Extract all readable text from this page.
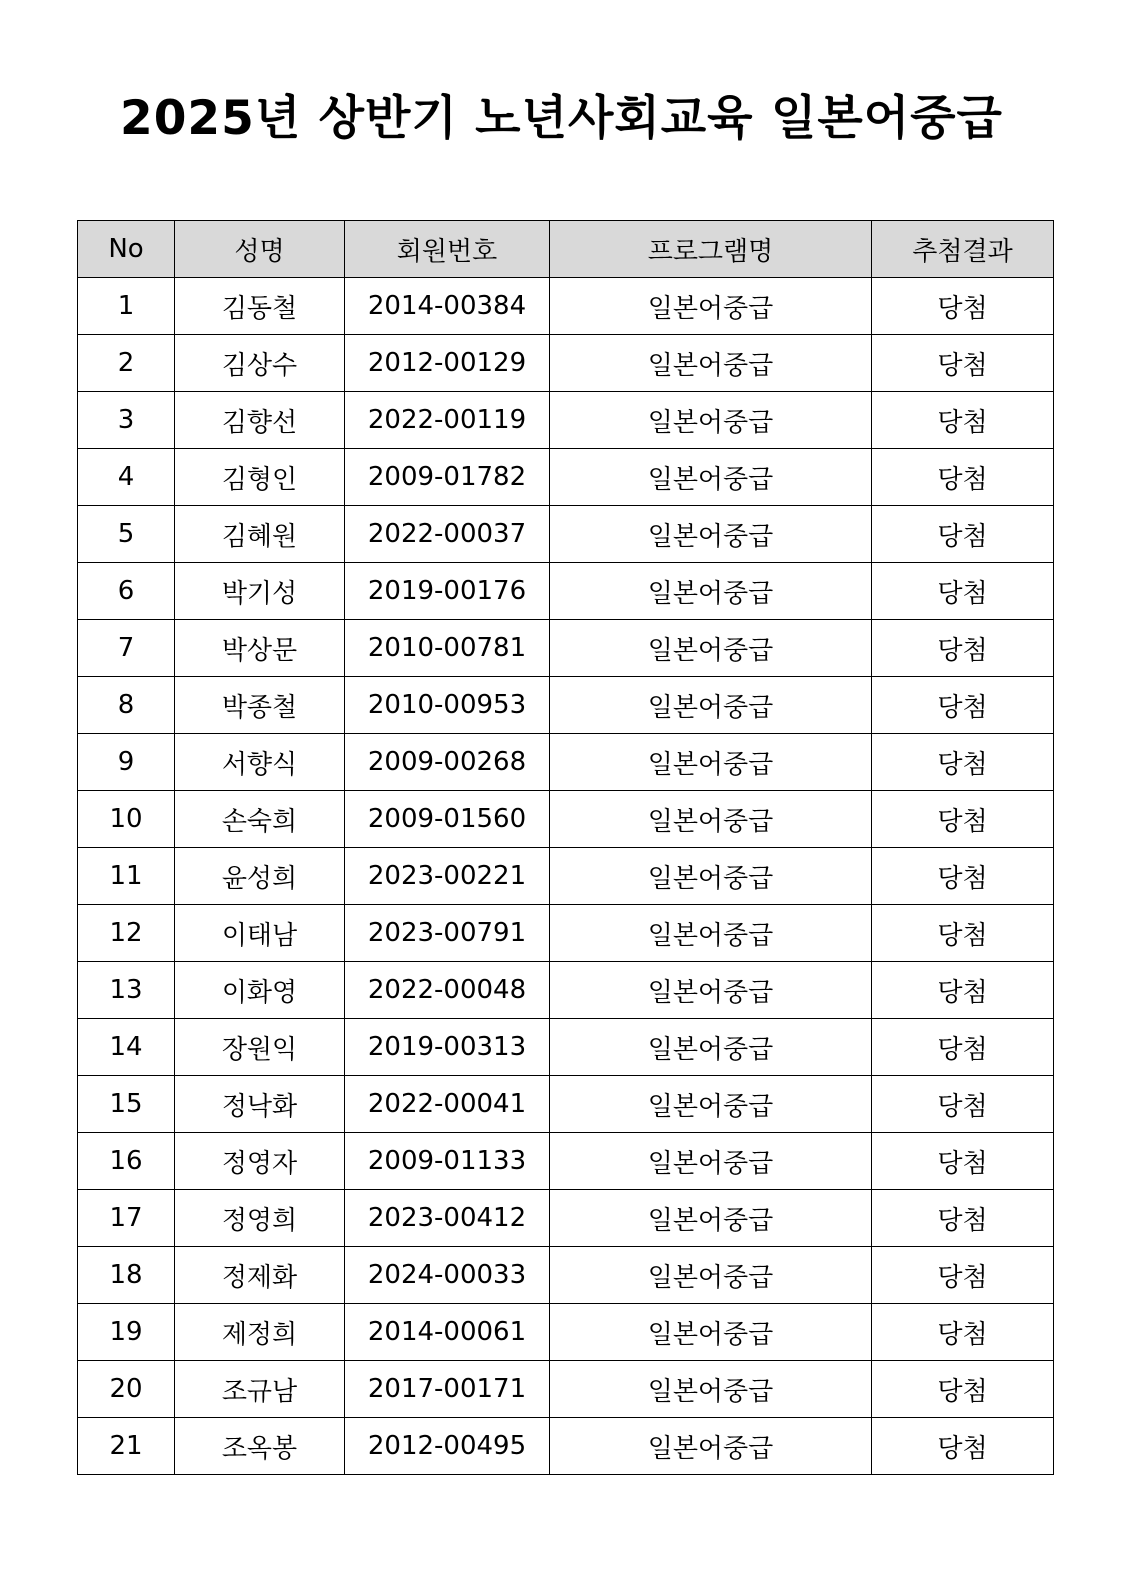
2025년 상반기 노년사회교육 일본어중급
No	성명	회원번호	프로그램명	추첨결과
1	김동철	2014-00384	일본어중급	당첨
2	김상수	2012-00129	일본어중급	당첨
3	김향선	2022-00119	일본어중급	당첨
4	김형인	2009-01782	일본어중급	당첨
5	김혜원	2022-00037	일본어중급	당첨
6	박기성	2019-00176	일본어중급	당첨
7	박상문	2010-00781	일본어중급	당첨
8	박종철	2010-00953	일본어중급	당첨
9	서향식	2009-00268	일본어중급	당첨
10	손숙희	2009-01560	일본어중급	당첨
11	윤성희	2023-00221	일본어중급	당첨
12	이태남	2023-00791	일본어중급	당첨
13	이화영	2022-00048	일본어중급	당첨
14	장원익	2019-00313	일본어중급	당첨
15	정낙화	2022-00041	일본어중급	당첨
16	정영자	2009-01133	일본어중급	당첨
17	정영희	2023-00412	일본어중급	당첨
18	정제화	2024-00033	일본어중급	당첨
19	제정희	2014-00061	일본어중급	당첨
20	조규남	2017-00171	일본어중급	당첨
21	조옥봉	2012-00495	일본어중급	당첨
